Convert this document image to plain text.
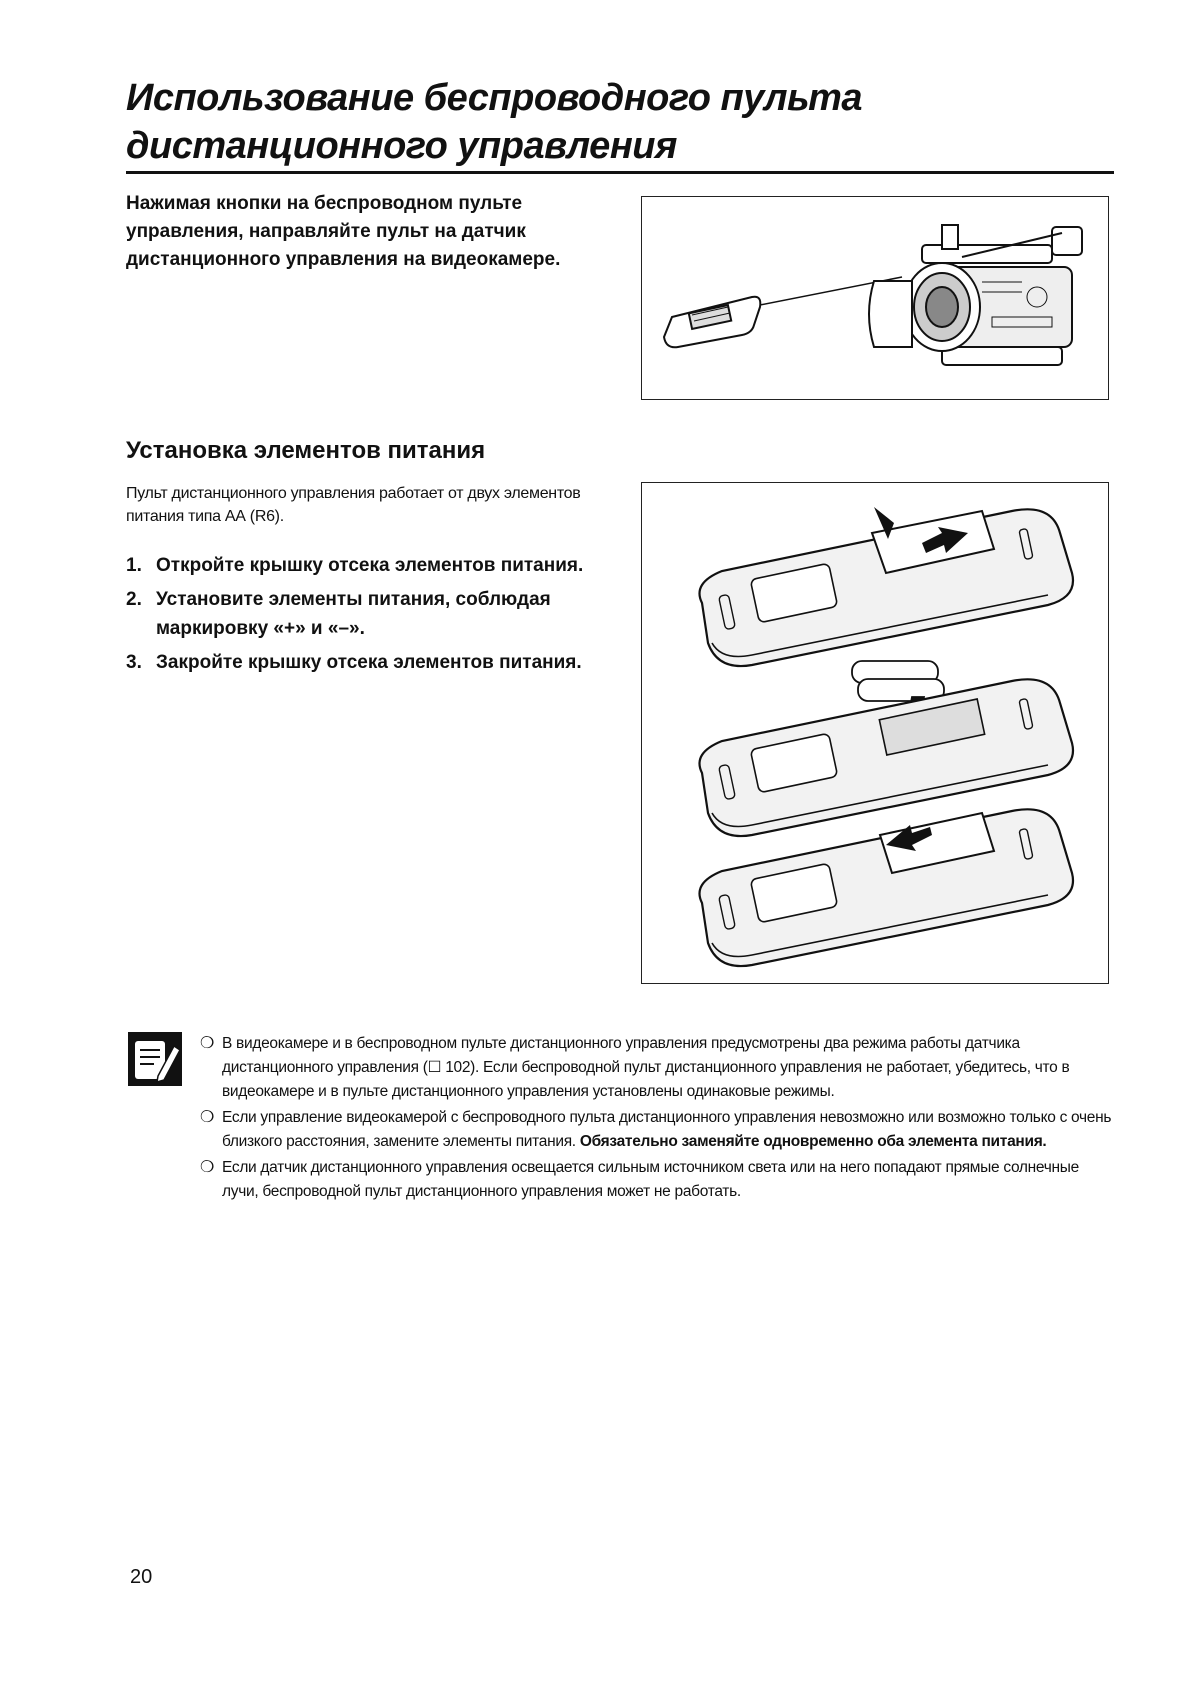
Использование беспроводного пульта
дистанционного управления

Нажимая кнопки на беспроводном пульте управления, направляйте пульт на датчик дистанционного управления на видеокамере.

Установка элементов питания

Пульт дистанционного управления работает от двух элементов питания типа АА (R6).

1. Откройте крышку отсека элементов питания.
2. Установите элементы питания, соблюдая маркировку «+» и «–».
3. Закройте крышку отсека элементов питания.
❍ В видеокамере и в беспроводном пульте дистанционного управления предусмотрены два режима работы датчика дистанционного управления (☐ 102). Если беспроводной пульт дистанционного управления не работает, убедитесь, что в видеокамере и в пульте дистанционного управления установлены одинаковые режимы.
❍ Если управление видеокамерой с беспроводного пульта дистанционного управления невозможно или возможно только с очень близкого расстояния, замените элементы питания. Обязательно заменяйте одновременно оба элемента питания.
❍ Если датчик дистанционного управления освещается сильным источником света или на него попадают прямые солнечные лучи, беспроводной пульт дистанционного управления может не работать.

20
